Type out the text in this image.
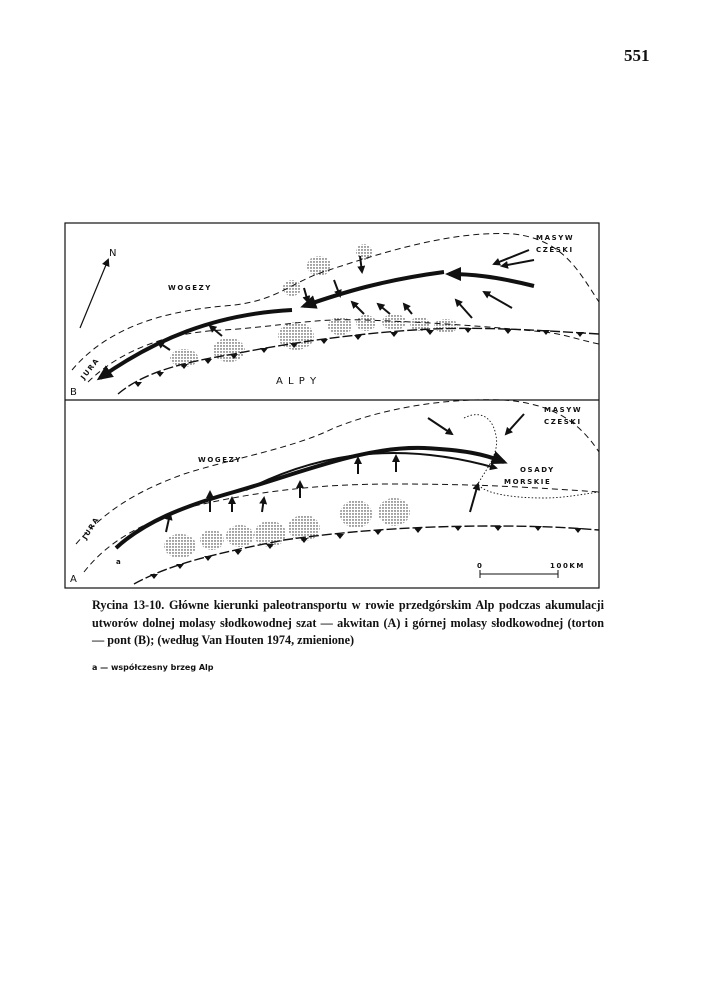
551
N
WOGEZY
MASYW
CZESKI
JURA
A L P Y
B
0	100KM
WOGEZY
MASYW
CZESKI
OSADY
MORSKIE
JURA
a
A
Rycina 13-10. Główne kierunki paleotransportu w rowie przedgórskim Alp podczas akumulacji utworów dolnej molasy słodkowodnej szat — akwitan (A) i górnej molasy słodkowodnej (torton — pont (B); (według Van Houten 1974, zmienione)
a — współczesny brzeg Alp
